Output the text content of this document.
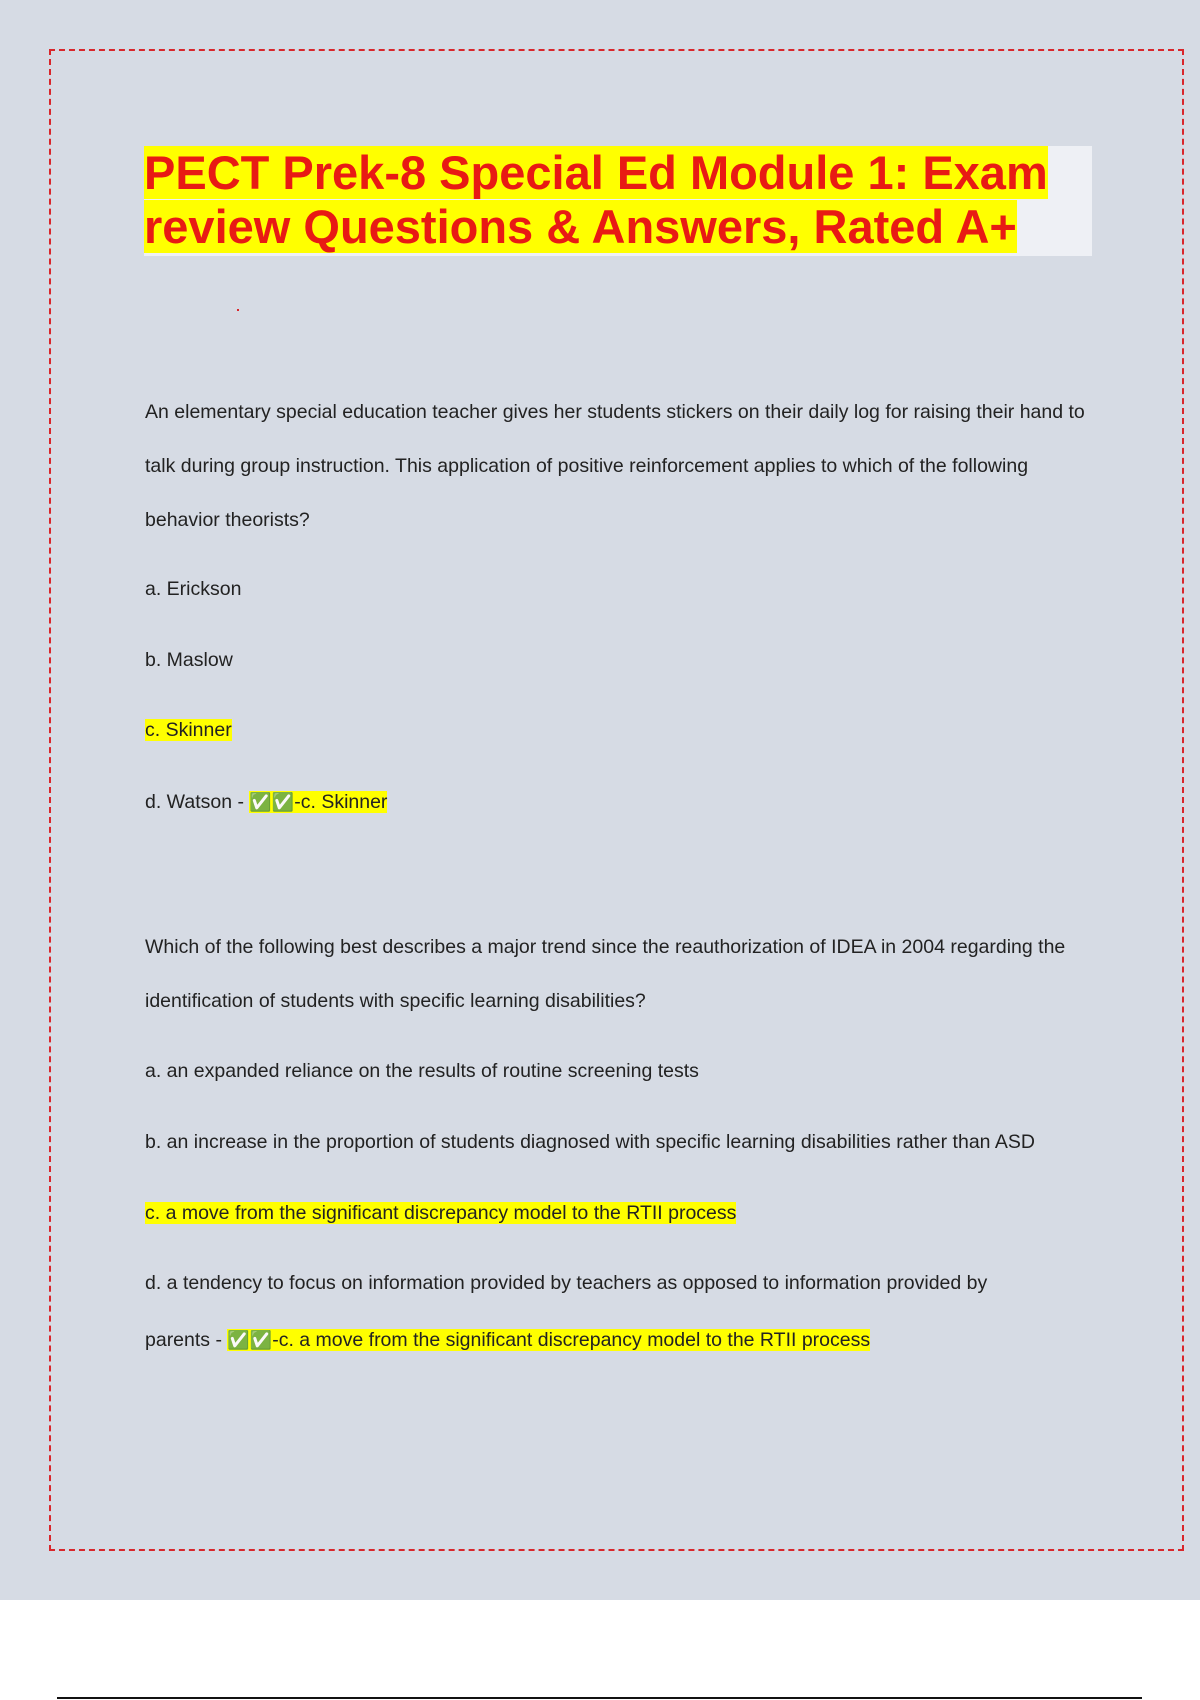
PECT Prek-8 Special Ed Module 1: Exam review Questions & Answers, Rated A+

An elementary special education teacher gives her students stickers on their daily log for raising their hand to talk during group instruction. This application of positive reinforcement applies to which of the following behavior theorists?

a. Erickson

b. Maslow

c. Skinner

d. Watson - ✅✅-c. Skinner

Which of the following best describes a major trend since the reauthorization of IDEA in 2004 regarding the identification of students with specific learning disabilities?

a. an expanded reliance on the results of routine screening tests

b. an increase in the proportion of students diagnosed with specific learning disabilities rather than ASD

c. a move from the significant discrepancy model to the RTII process

d. a tendency to focus on information provided by teachers as opposed to information provided by

parents - ✅✅-c. a move from the significant discrepancy model to the RTII process
